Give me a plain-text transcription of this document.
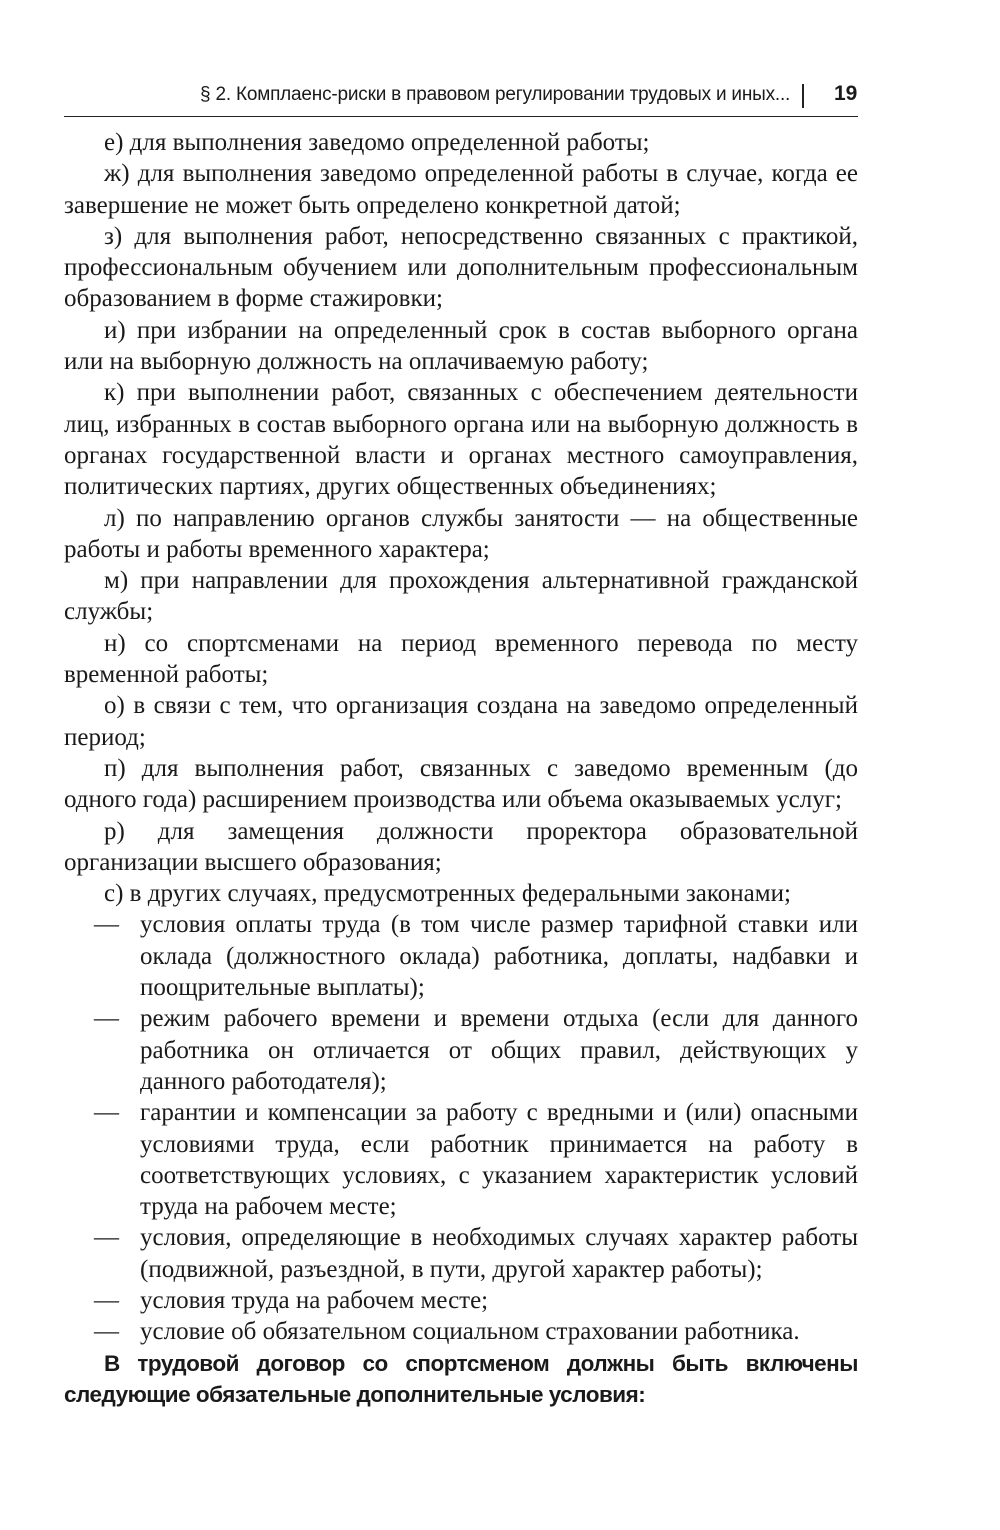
§ 2. Комплаенс-риски в правовом регулировании трудовых и иных... 19

е) для выполнения заведомо определенной работы;

ж) для выполнения заведомо определенной работы в случае, когда ее завершение не может быть определено конкретной датой;

з) для выполнения работ, непосредственно связанных с практикой, профессиональным обучением или дополнительным профессиональным образованием в форме стажировки;

и) при избрании на определенный срок в состав выборного органа или на выборную должность на оплачиваемую работу;

к) при выполнении работ, связанных с обеспечением деятельности лиц, избранных в состав выборного органа или на выборную должность в органах государственной власти и органах местного самоуправления, политических партиях, других общественных объединениях;

л) по направлению органов службы занятости — на общественные работы и работы временного характера;

м) при направлении для прохождения альтернативной гражданской службы;

н) со спортсменами на период временного перевода по месту временной работы;

о) в связи с тем, что организация создана на заведомо определенный период;

п) для выполнения работ, связанных с заведомо временным (до одного года) расширением производства или объема оказываемых услуг;

р) для замещения должности проректора образовательной организации высшего образования;

с) в других случаях, предусмотренных федеральными законами;

— условия оплаты труда (в том числе размер тарифной ставки или оклада (должностного оклада) работника, доплаты, надбавки и поощрительные выплаты);

— режим рабочего времени и времени отдыха (если для данного работника он отличается от общих правил, действующих у данного работодателя);

— гарантии и компенсации за работу с вредными и (или) опасными условиями труда, если работник принимается на работу в соответствующих условиях, с указанием характеристик условий труда на рабочем месте;

— условия, определяющие в необходимых случаях характер работы (подвижной, разъездной, в пути, другой характер работы);

— условия труда на рабочем месте;

— условие об обязательном социальном страховании работника.

В трудовой договор со спортсменом должны быть включены следующие обязательные дополнительные условия:
